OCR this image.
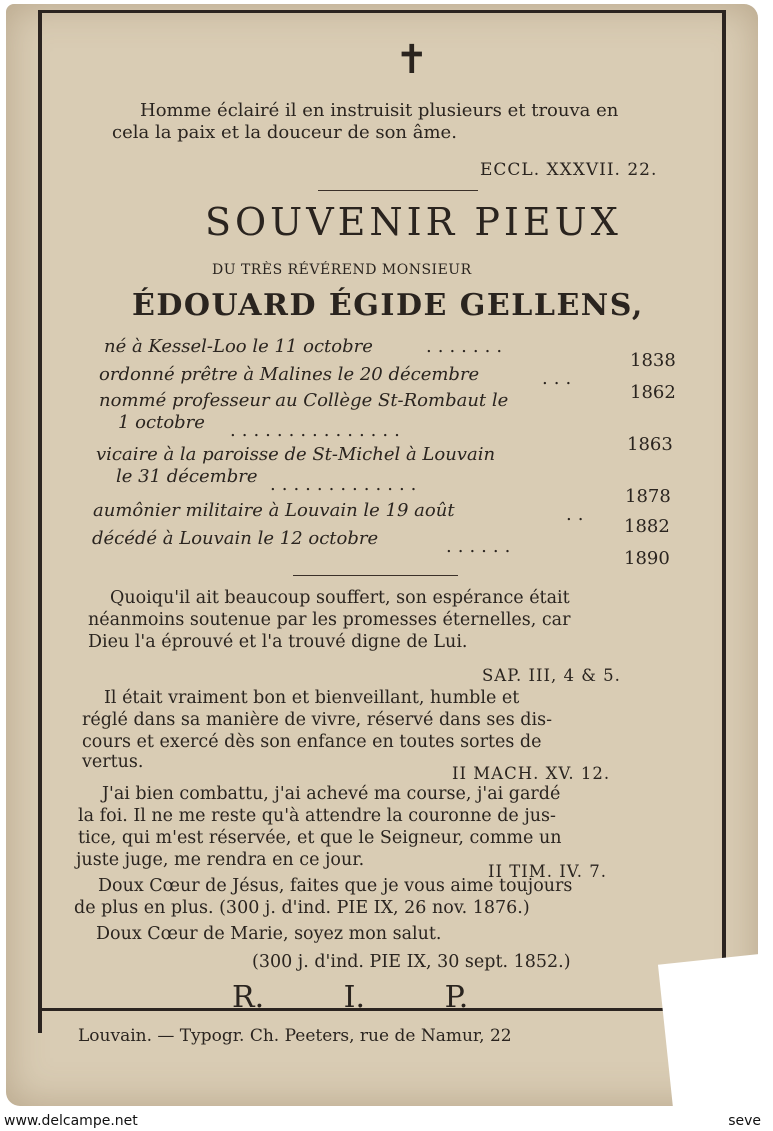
✝

Homme éclairé il en instruisit plusieurs et trouva en

cela la paix et la douceur de son âme.

ECCL. XXXVII. 22.

SOUVENIR PIEUX

DU TRÈS RÉVÉREND MONSIEUR

ÉDOUARD ÉGIDE GELLENS,

né à Kessel-Loo le 11 octobre	.......
1838
ordonné prêtre à Malines le 20 décembre	...
1862
nommé professeur au Collège St-Rombaut le
1 octobre ...............
1863
vicaire à la paroisse de St-Michel à Louvain
le 31 décembre .............
1878
aumônier militaire à Louvain le 19 août	..
1882
décédé à Louvain le 12 octobre	......
1890
Quoiqu'il ait beaucoup souffert, son espérance était
néanmoins soutenue par les promesses éternelles, car
Dieu l'a éprouvé et l'a trouvé digne de Lui.
SAP. III, 4 & 5.
Il était vraiment bon et bienveillant, humble et
réglé dans sa manière de vivre, réservé dans ses dis-
cours et exercé dès son enfance en toutes sortes de
vertus.
II MACH. XV. 12.
J'ai bien combattu, j'ai achevé ma course, j'ai gardé
la foi. Il ne me reste qu'à attendre la couronne de jus-
tice, qui m'est réservée, et que le Seigneur, comme un
juste juge, me rendra en ce jour.
II TIM. IV. 7.
Doux Cœur de Jésus, faites que je vous aime toujours
de plus en plus. (300 j. d'ind. PIE IX, 26 nov. 1876.)
Doux Cœur de Marie, soyez mon salut.
(300 j. d'ind. PIE IX, 30 sept. 1852.)

R. I. P.

Louvain. — Typogr. Ch. Peeters, rue de Namur, 22

www.delcampe.net	seve
